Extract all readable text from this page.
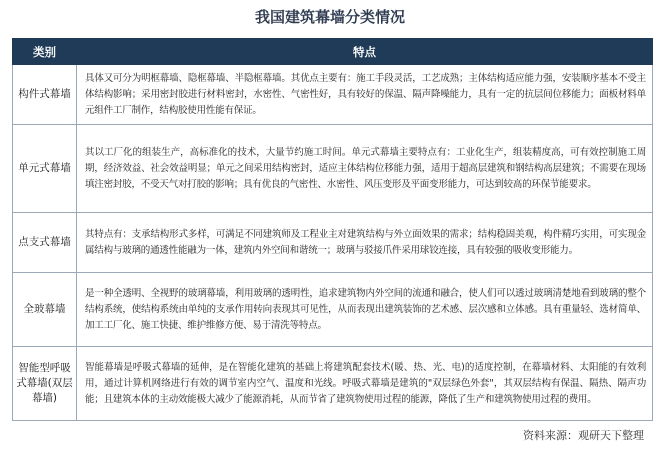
我国建筑幕墙分类情况
类别	特点
构件式幕墙	具体又可分为明框幕墙、隐框幕墙、半隐框幕墙。其优点主要有：施工手段灵活，工艺成熟；主体结构适应能力强，安装顺序基本不受主体结构影响；采用密封胶进行材料密封，水密性、气密性好，具有较好的保温、隔声降噪能力，具有一定的抗层间位移能力；面板材料单元组件工厂制作，结构胶使用性能有保证。
单元式幕墙	其以工厂化的组装生产，高标准化的技术，大量节约施工时间。单元式幕墙主要特点有：工业化生产，组装精度高，可有效控制施工周期，经济效益、社会效益明显；单元之间采用结构密封，适应主体结构位移能力强，适用于超高层建筑和钢结构高层建筑；不需要在现场填注密封胶，不受天气对打胶的影响；具有优良的气密性、水密性、风压变形及平面变形能力，可达到较高的环保节能要求。
点支式幕墙	其特点有：支承结构形式多样，可满足不同建筑师及工程业主对建筑结构与外立面效果的需求；结构稳固美观，构件精巧实用，可实现金属结构与玻璃的通透性能融为一体，建筑内外空间和谐统一；玻璃与驳接爪件采用球铰连接，具有较强的吸收变形能力。
全玻幕墙	是一种全透明、全视野的玻璃幕墙，利用玻璃的透明性，追求建筑物内外空间的流通和融合，使人们可以透过玻璃清楚地看到玻璃的整个结构系统，使结构系统由单纯的支承作用转向表现其可见性，从而表现出建筑装饰的艺术感、层次感和立体感。具有重量轻、选材简单、加工工厂化、施工快捷、维护维修方便、易于清洗等特点。
智能型呼吸式幕墙(双层幕墙)	智能幕墙是呼吸式幕墙的延伸，是在智能化建筑的基础上将建筑配套技术(暖、热、光、电)的适度控制，在幕墙材料、太阳能的有效利用，通过计算机网络进行有效的调节室内空气、温度和光线。呼吸式幕墙是建筑的"双层绿色外套"，其双层结构有保温、隔热、隔声功能；且建筑本体的主动效能极大减少了能源消耗，从而节省了建筑物使用过程的能源，降低了生产和建筑物使用过程的费用。
资料来源：观研天下整理
